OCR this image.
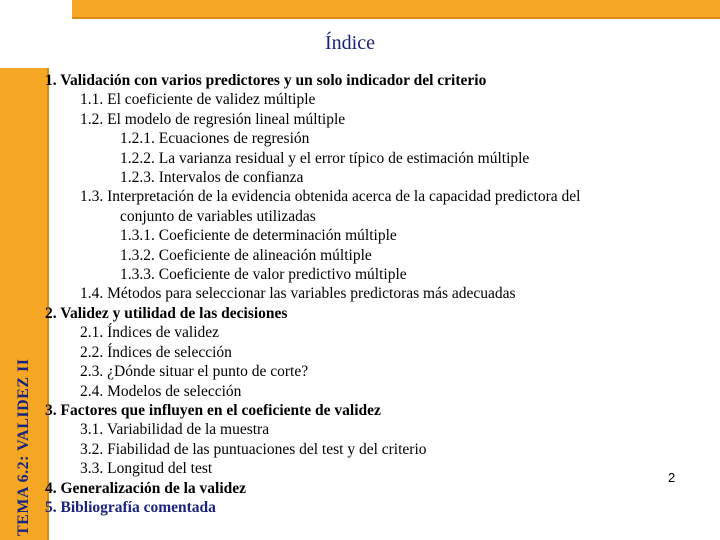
TEMA 6.2: VALIDEZ II
Índice
1. Validación con varios predictores y un solo indicador del criterio
1.1. El coeficiente de validez múltiple
1.2. El modelo de regresión lineal múltiple
1.2.1. Ecuaciones de regresión
1.2.2. La varianza residual y el error típico de estimación múltiple
1.2.3. Intervalos de confianza
1.3. Interpretación de la evidencia obtenida acerca de la capacidad predictora del
conjunto de variables utilizadas
1.3.1. Coeficiente de determinación múltiple
1.3.2. Coeficiente de alineación múltiple
1.3.3. Coeficiente de valor predictivo múltiple
1.4. Métodos para seleccionar las variables predictoras más adecuadas
2. Validez y utilidad de las decisiones
2.1. Índices de validez
2.2. Índices de selección
2.3. ¿Dónde situar el punto de corte?
2.4. Modelos de selección
3. Factores que influyen en el coeficiente de validez
3.1. Variabilidad de la muestra
3.2. Fiabilidad de las puntuaciones del test y del criterio
3.3. Longitud del test
4. Generalización de la validez
5. Bibliografía comentada
2
